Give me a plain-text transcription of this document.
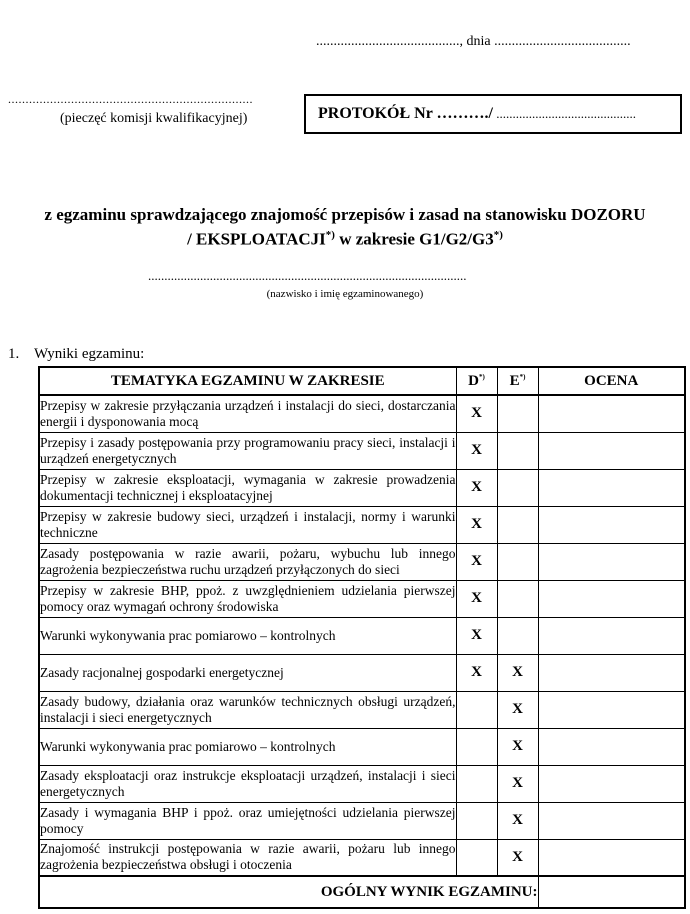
........................................., dnia .......................................
......................................................................
(pieczęć komisji kwalifikacyjnej)	PROTOKÓŁ Nr ………./ ...........................................
z egzaminu sprawdzającego znajomość przepisów i zasad na stanowisku DOZORU
/ EKSPLOATACJI*) w zakresie G1/G2/G3*)
..................................................................................................
(nazwisko i imię egzaminowanego)
1. Wyniki egzaminu:
TEMATYKA EGZAMINU W ZAKRESIE	D*)	E*)	OCENA
Przepisy w zakresie przyłączania urządzeń i instalacji do sieci, dostarczania energii i dysponowania mocą	X		
Przepisy i zasady postępowania przy programowaniu pracy sieci, instalacji i urządzeń energetycznych	X		
Przepisy w zakresie eksploatacji, wymagania w zakresie prowadzenia dokumentacji technicznej i eksploatacyjnej	X		
Przepisy w zakresie budowy sieci, urządzeń i instalacji, normy i warunki techniczne	X		
Zasady postępowania w razie awarii, pożaru, wybuchu lub innego zagrożenia bezpieczeństwa ruchu urządzeń przyłączonych do sieci	X		
Przepisy w zakresie BHP, ppoż. z uwzględnieniem udzielania pierwszej pomocy oraz wymagań ochrony środowiska	X		
Warunki wykonywania prac pomiarowo – kontrolnych	X		
Zasady racjonalnej gospodarki energetycznej	X	X	
Zasady budowy, działania oraz warunków technicznych obsługi urządzeń, instalacji i sieci energetycznych		X	
Warunki wykonywania prac pomiarowo – kontrolnych		X	
Zasady eksploatacji oraz instrukcje eksploatacji urządzeń, instalacji i sieci energetycznych		X	
Zasady i wymagania BHP i ppoż. oraz umiejętności udzielania pierwszej pomocy		X	
Znajomość instrukcji postępowania w razie awarii, pożaru lub innego zagrożenia bezpieczeństwa obsługi i otoczenia		X	
OGÓLNY WYNIK EGZAMINU:			
